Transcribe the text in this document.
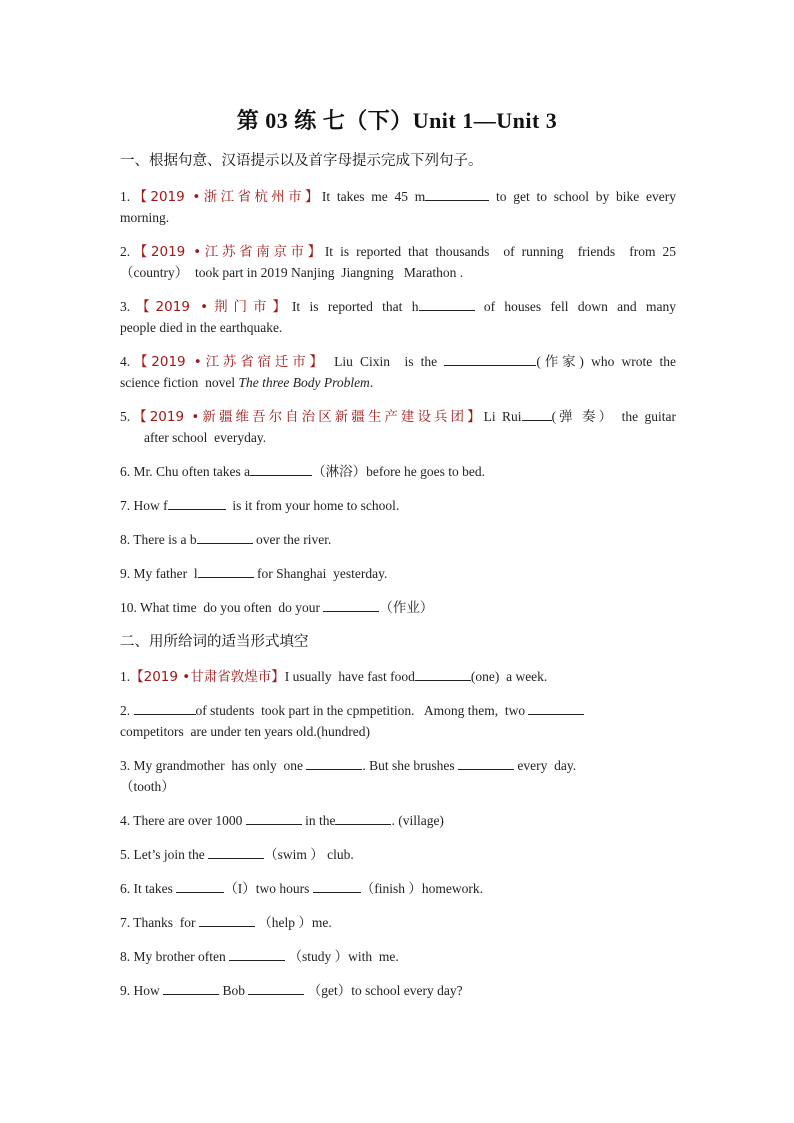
第 03 练 七（下）Unit 1—Unit 3
一、根据句意、汉语提示以及首字母提示完成下列句子。
1.【2019 •浙江省杭州市】It takes me 45 m	to get to school by bike every
morning.
2.【2019 •江苏省南京市】It is reported that thousands  of running  friends  from 25
（country）  took part in 2019 Nanjing  Jiangning   Marathon .
3.【2019 •荆门市】It is reported that h	of houses fell down and many
people died in the earthquake.
4.【2019 •江苏省宿迁市】 Liu Cixin  is the	(作家) who wrote the
science fiction  novel The three Body Problem.
5.【2019 •新疆维吾尔自治区新疆生产建设兵团】Li Rui (弹 奏） the guitar
after school  everyday.
6. Mr. Chu often takes a	（淋浴）before he goes to bed.
7. How f	is it from your home to school.
8. There is a b	over the river.
9. My father  l	for Shanghai  yesterday.
10. What time  do you often  do your	（作业）
二、用所给词的适当形式填空
1.【2019 •甘肃省敦煌市】I usually  have fast food	(one)  a week.
2.	of students  took part in the cpmpetition.   Among them,  two
competitors  are under ten years old.(hundred)
3. My grandmother  has only  one	. But she brushes	every  day.
（tooth）
4. There are over 1000	in the	. (village)
5. Let’s join the	（swim ） club.
6. It takes	（I）two hours	（finish ）homework.
7. Thanks  for	（help ）me.
8. My brother often	（study ）with  me.
9. How	Bob	（get）to school every day?
